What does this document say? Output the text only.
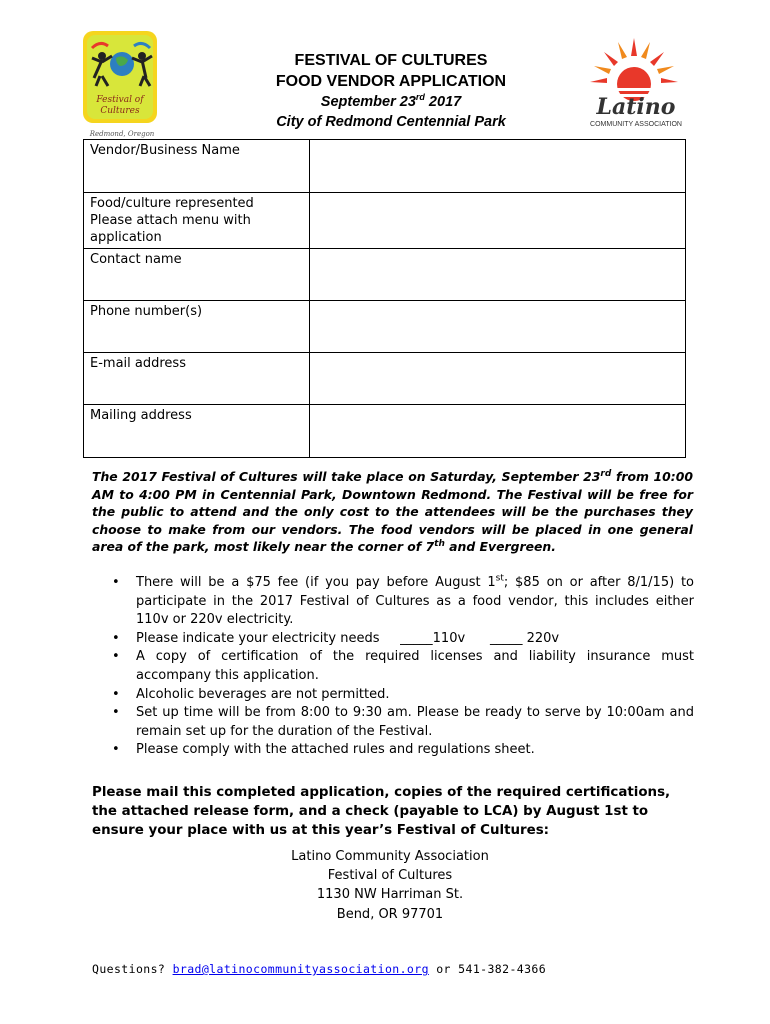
Festival of
Cultures
Redmond, Oregon
FESTIVAL OF CULTURES
FOOD VENDOR APPLICATION
September 23rd 2017
City of Redmond Centennial Park
Latino
COMMUNITY ASSOCIATION
Vendor/Business Name	
Food/culture represented
Please attach menu with application	
Contact name	
Phone number(s)	
E-mail address	
Mailing address	
The 2017 Festival of Cultures will take place on Saturday, September 23rd from 10:00 AM to 4:00 PM in Centennial Park, Downtown Redmond. The Festival will be free for the public to attend and the only cost to the attendees will be the purchases they choose to make from our vendors. The food vendors will be placed in one general area of the park, most likely near the corner of 7th and Evergreen.
• There will be a $75 fee (if you pay before August 1st; $85 on or after 8/1/15) to participate in the 2017 Festival of Cultures as a food vendor, this includes either 110v or 220v electricity.
• Please indicate your electricity needs     _____110v      _____ 220v
• A copy of certification of the required licenses and liability insurance must accompany this application.
• Alcoholic beverages are not permitted.
• Set up time will be from 8:00 to 9:30 am. Please be ready to serve by 10:00am and remain set up for the duration of the Festival.
• Please comply with the attached rules and regulations sheet.
Please mail this completed application, copies of the required certifications, the attached release form, and a check (payable to LCA) by August 1st to ensure your place with us at this year’s Festival of Cultures:
Latino Community Association
Festival of Cultures
1130 NW Harriman St.
Bend, OR 97701
Questions? brad@latinocommunityassociation.org or 541-382-4366
